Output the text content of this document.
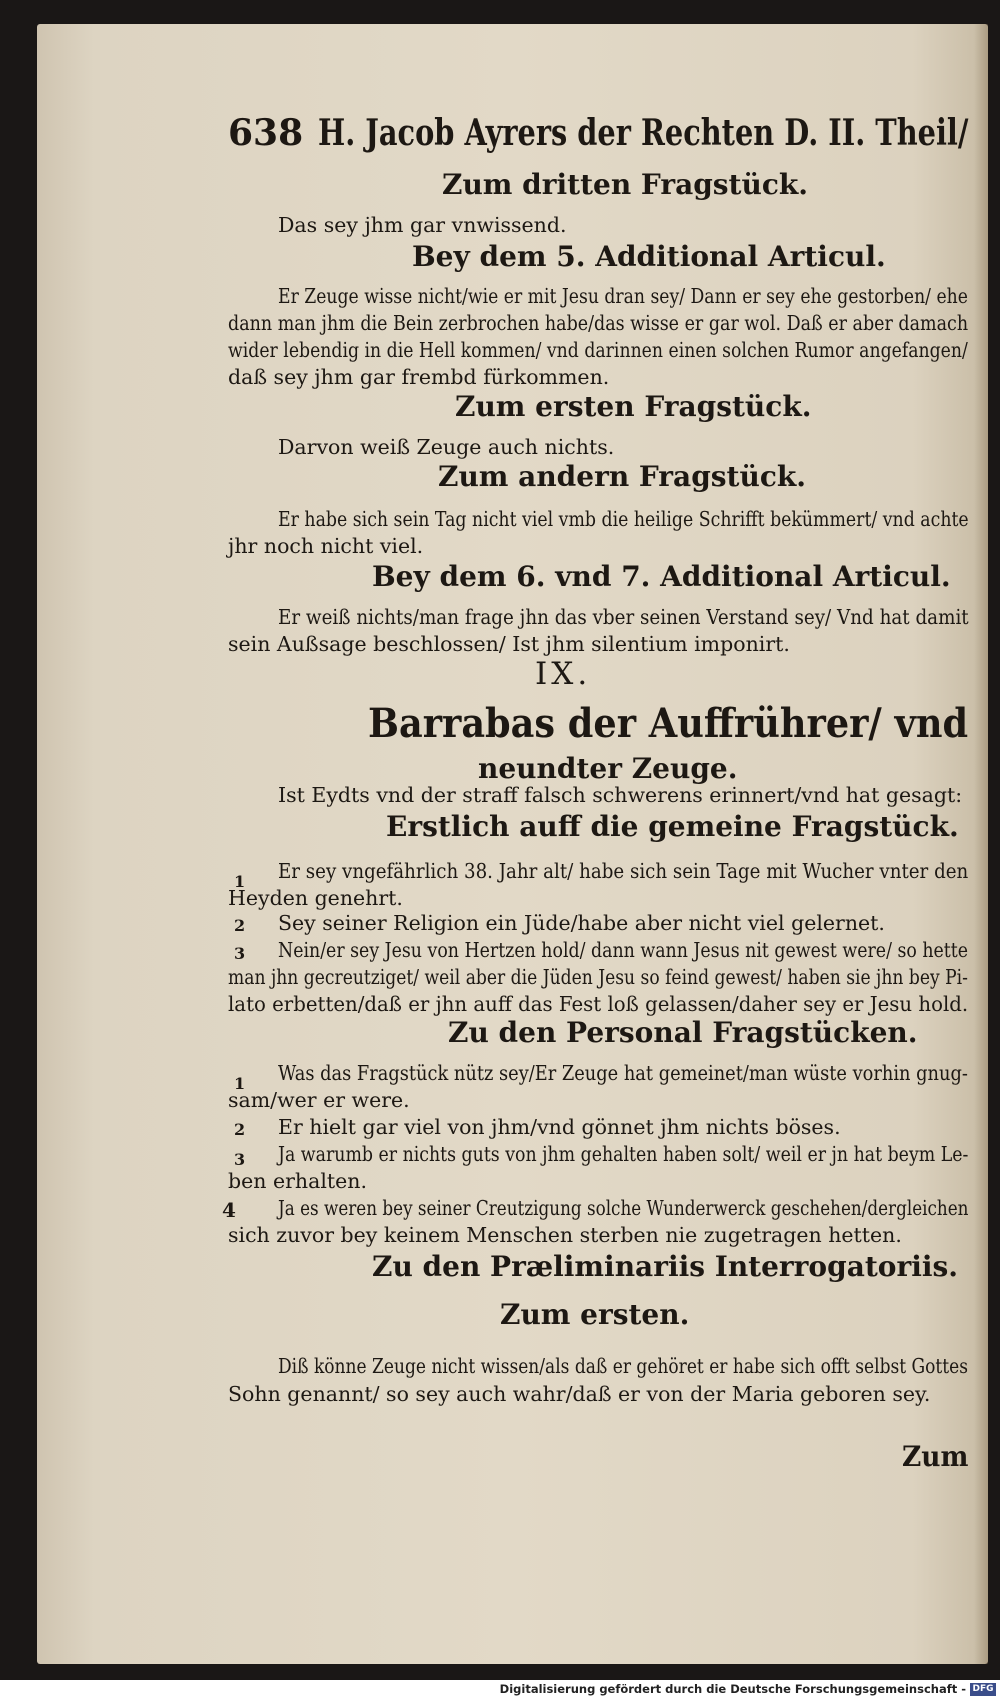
638 H. Jacob Ayrers der Rechten D. II. Theil/
Zum dritten Fragstück.
Das sey jhm gar vnwissend.
Bey dem 5. Additional Articul.
Er Zeuge wisse nicht/wie er mit Jesu dran sey/ Dann er sey ehe gestorben/ ehe
dann man jhm die Bein zerbrochen habe/das wisse er gar wol. Daß er aber damach
wider lebendig in die Hell kommen/ vnd darinnen einen solchen Rumor angefangen/
daß sey jhm gar frembd fürkommen.
Zum ersten Fragstück.
Darvon weiß Zeuge auch nichts.
Zum andern Fragstück.
Er habe sich sein Tag nicht viel vmb die heilige Schrifft bekümmert/ vnd achte
jhr noch nicht viel.
Bey dem 6. vnd 7. Additional Articul.
Er weiß nichts/man frage jhn das vber seinen Verstand sey/ Vnd hat damit
sein Außsage beschlossen/ Ist jhm silentium imponirt.
IX.
Barrabas der Auffrührer/ vnd
neundter Zeuge.
Ist Eydts vnd der straff falsch schwerens erinnert/vnd hat gesagt:
Erstlich auff die gemeine Fragstück.
1 Er sey vngefährlich 38. Jahr alt/ habe sich sein Tage mit Wucher vnter den
Heyden genehrt.
2 Sey seiner Religion ein Jüde/habe aber nicht viel gelernet.
3 Nein/er sey Jesu von Hertzen hold/ dann wann Jesus nit gewest were/ so hette
man jhn gecreutziget/ weil aber die Jüden Jesu so feind gewest/ haben sie jhn bey Pi-
lato erbetten/daß er jhn auff das Fest loß gelassen/daher sey er Jesu hold.
Zu den Personal Fragstücken.
1 Was das Fragstück nütz sey/Er Zeuge hat gemeinet/man wüste vorhin gnug-
sam/wer er were.
2 Er hielt gar viel von jhm/vnd gönnet jhm nichts böses.
3 Ja warumb er nichts guts von jhm gehalten haben solt/ weil er jn hat beym Le-
ben erhalten.
4 Ja es weren bey seiner Creutzigung solche Wunderwerck geschehen/dergleichen
sich zuvor bey keinem Menschen sterben nie zugetragen hetten.
Zu den Præliminariis Interrogatoriis.
Zum ersten.
Diß könne Zeuge nicht wissen/als daß er gehöret er habe sich offt selbst Gottes
Sohn genannt/ so sey auch wahr/daß er von der Maria geboren sey.
Zum
Digitalisierung gefördert durch die Deutsche Forschungsgemeinschaft - DFG
